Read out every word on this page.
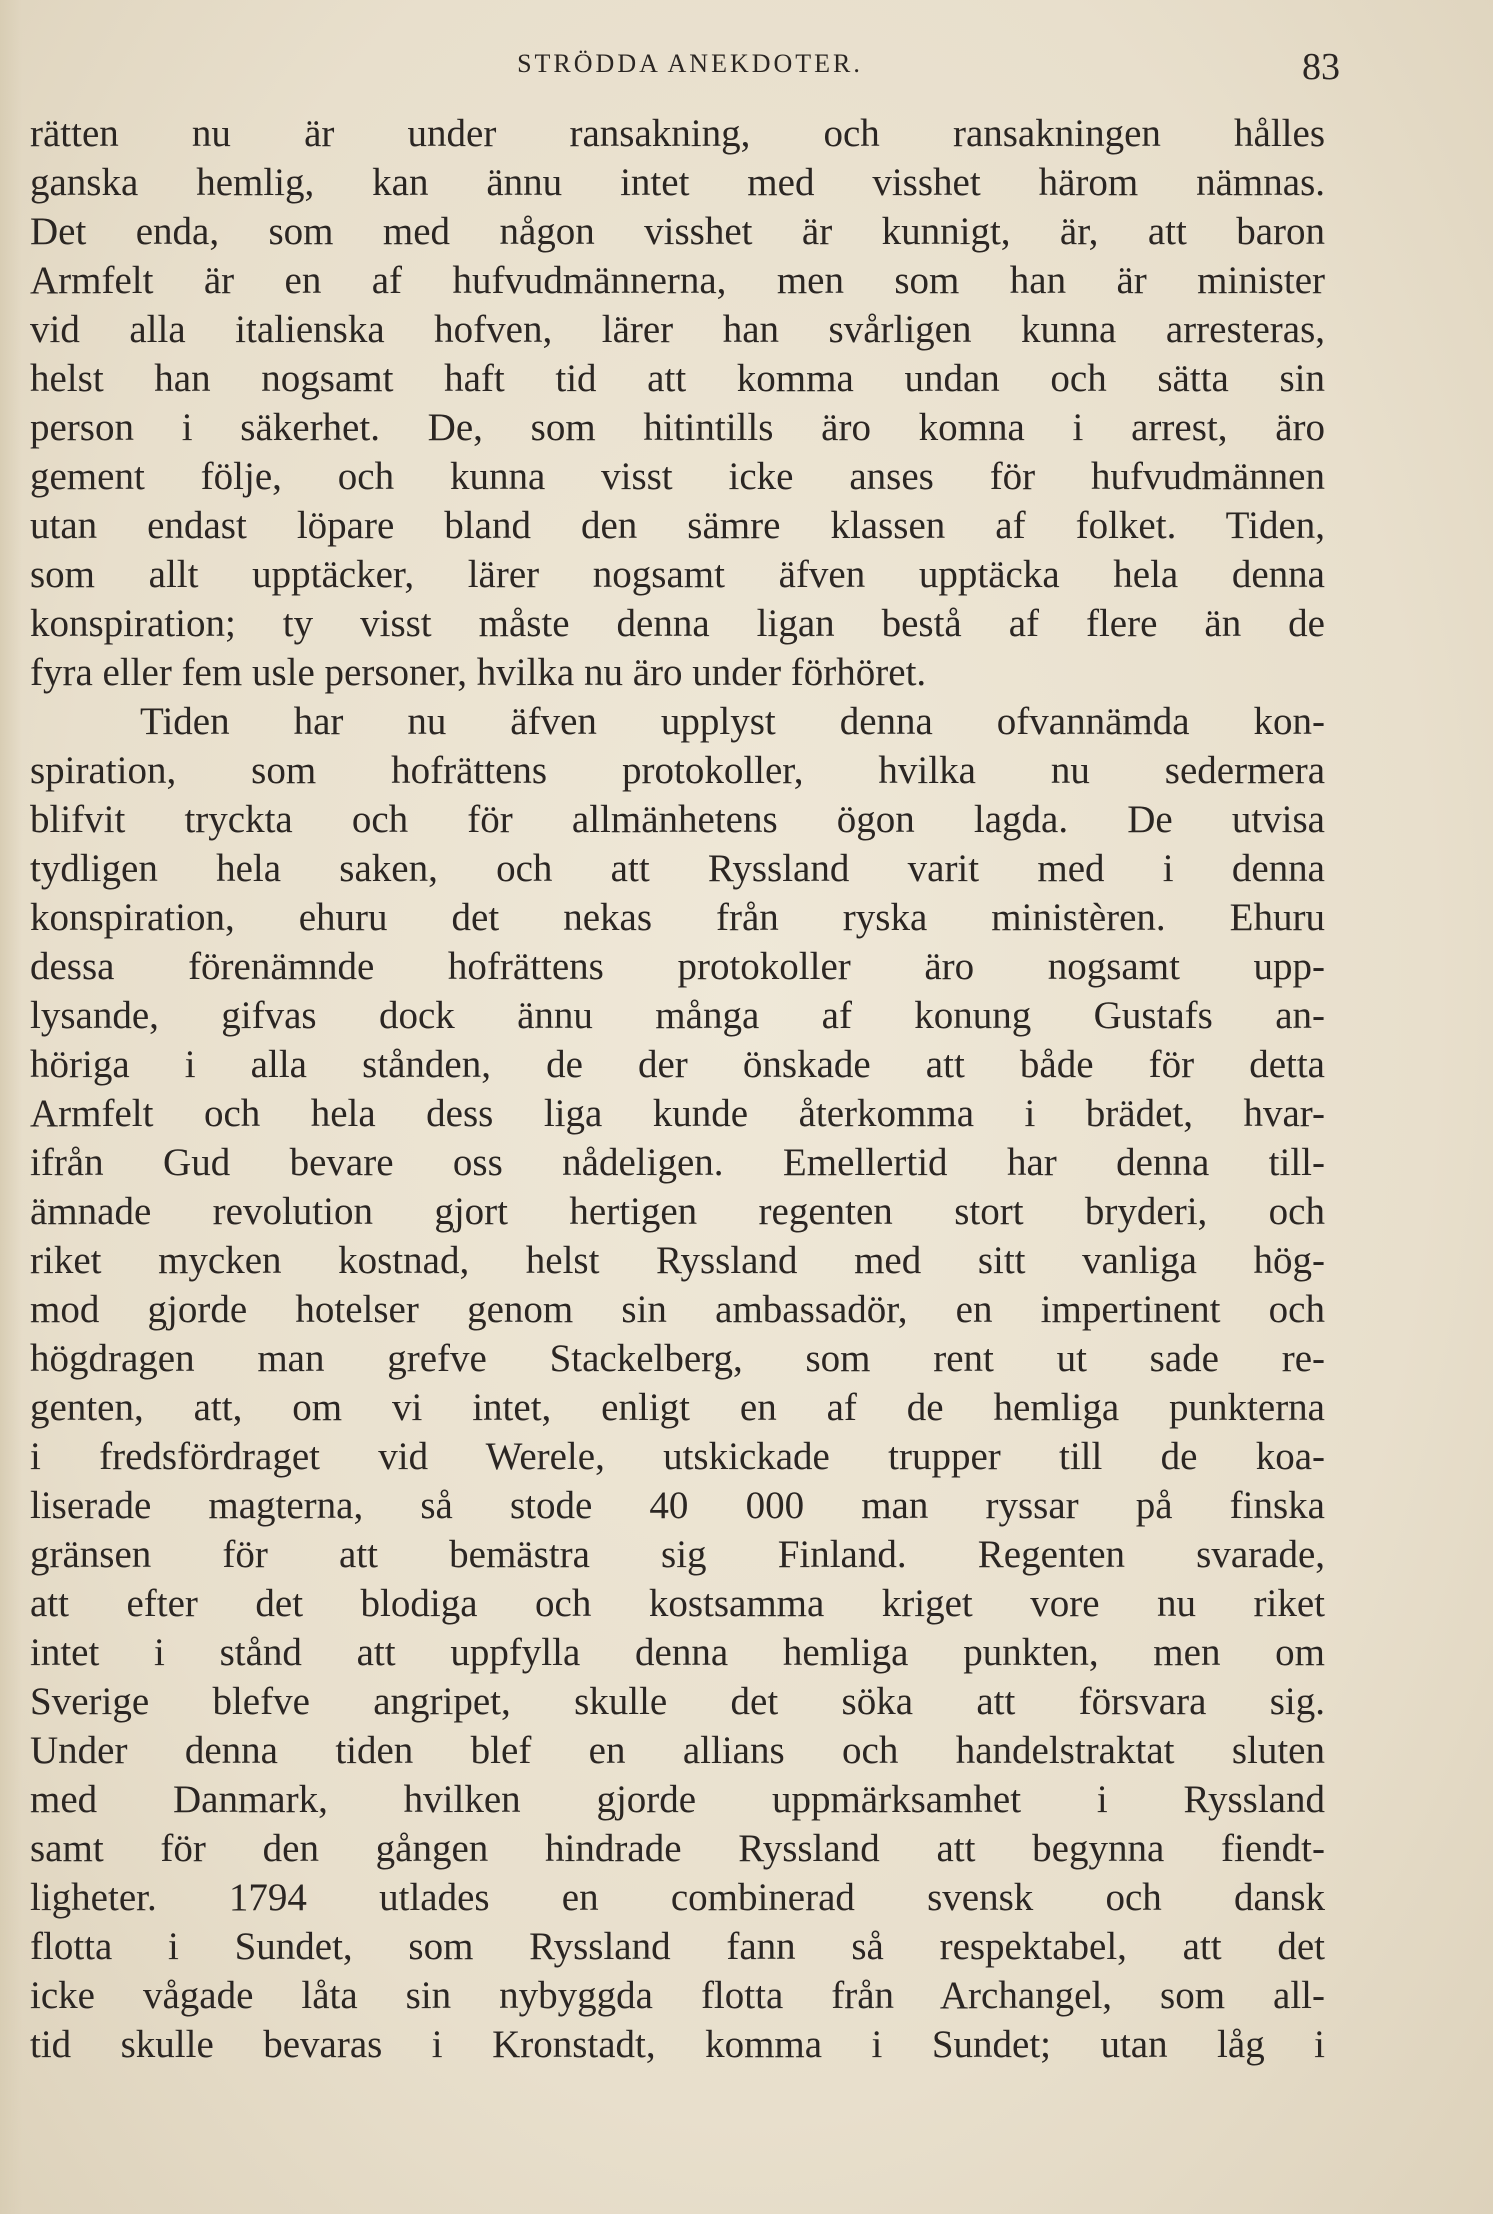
STRÖDDA ANEKDOTER.	83
rätten nu är under ransakning, och ransakningen hålles
ganska hemlig, kan ännu intet med visshet härom nämnas.
Det enda, som med någon visshet är kunnigt, är, att baron
Armfelt är en af hufvudmännerna, men som han är minister
vid alla italienska hofven, lärer han svårligen kunna arresteras,
helst han nogsamt haft tid att komma undan och sätta sin
person i säkerhet. De, som hitintills äro komna i arrest, äro
gement följe, och kunna visst icke anses för hufvudmännen
utan endast löpare bland den sämre klassen af folket. Tiden,
som allt upptäcker, lärer nogsamt äfven upptäcka hela denna
konspiration; ty visst måste denna ligan bestå af flere än de
fyra eller fem usle personer, hvilka nu äro under förhöret.
Tiden har nu äfven upplyst denna ofvannämda kon-
spiration, som hofrättens protokoller, hvilka nu sedermera
blifvit tryckta och för allmänhetens ögon lagda. De utvisa
tydligen hela saken, och att Ryssland varit med i denna
konspiration, ehuru det nekas från ryska ministèren. Ehuru
dessa förenämnde hofrättens protokoller äro nogsamt upp-
lysande, gifvas dock ännu många af konung Gustafs an-
höriga i alla stånden, de der önskade att både för detta
Armfelt och hela dess liga kunde återkomma i brädet, hvar-
ifrån Gud bevare oss nådeligen. Emellertid har denna till-
ämnade revolution gjort hertigen regenten stort bryderi, och
riket mycken kostnad, helst Ryssland med sitt vanliga hög-
mod gjorde hotelser genom sin ambassadör, en impertinent och
högdragen man grefve Stackelberg, som rent ut sade re-
genten, att, om vi intet, enligt en af de hemliga punkterna
i fredsfördraget vid Werele, utskickade trupper till de koa-
liserade magterna, så stode 40 000 man ryssar på finska
gränsen för att bemästra sig Finland. Regenten svarade,
att efter det blodiga och kostsamma kriget vore nu riket
intet i stånd att uppfylla denna hemliga punkten, men om
Sverige blefve angripet, skulle det söka att försvara sig.
Under denna tiden blef en allians och handelstraktat sluten
med Danmark, hvilken gjorde uppmärksamhet i Ryssland
samt för den gången hindrade Ryssland att begynna fiendt-
ligheter. 1794 utlades en combinerad svensk och dansk
flotta i Sundet, som Ryssland fann så respektabel, att det
icke vågade låta sin nybyggda flotta från Archangel, som all-
tid skulle bevaras i Kronstadt, komma i Sundet; utan låg i
